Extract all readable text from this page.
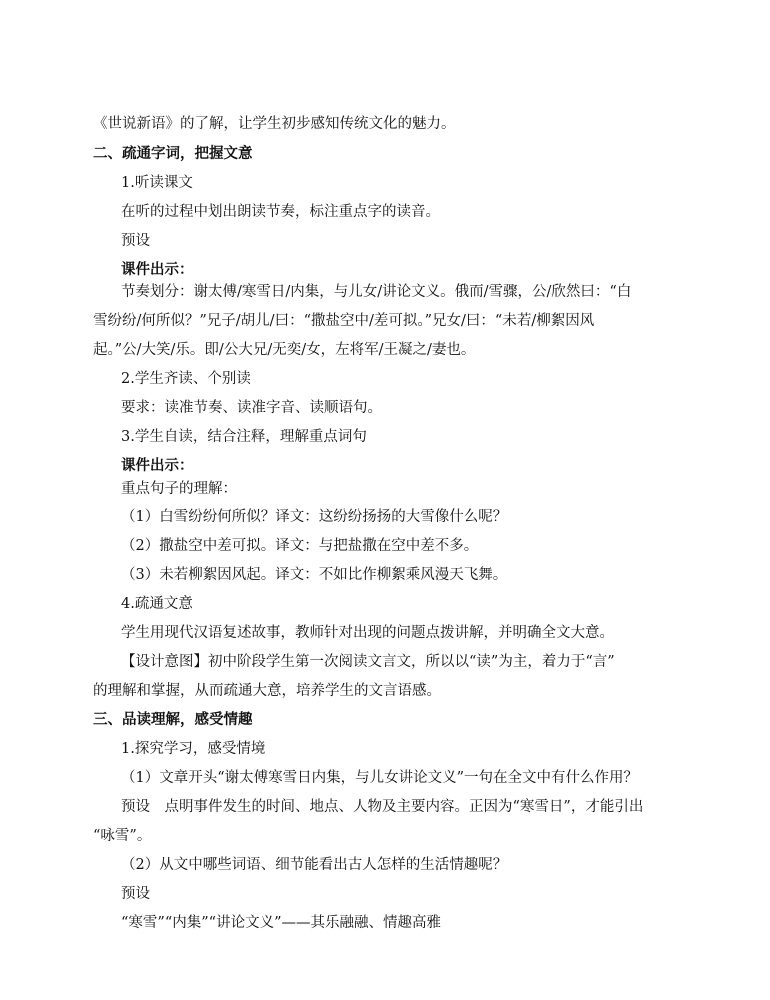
《世说新语》的了解，让学生初步感知传统文化的魅力。
二、疏通字词，把握文意
1.听读课文
在听的过程中划出朗读节奏，标注重点字的读音。
预设
课件出示：
节奏划分：谢太傅/寒雪日/内集，与儿女/讲论文义。俄而/雪骤，公/欣然曰：“白
雪纷纷/何所似？”兄子/胡儿/曰：“撒盐空中/差可拟。”兄女/曰：“未若/柳絮因风
起。”公/大笑/乐。即/公大兄/无奕/女，左将军/王凝之/妻也。
2.学生齐读、个别读
要求：读准节奏、读准字音、读顺语句。
3.学生自读，结合注释，理解重点词句
课件出示：
重点句子的理解：
（1）白雪纷纷何所似？译文：这纷纷扬扬的大雪像什么呢？
（2）撒盐空中差可拟。译文：与把盐撒在空中差不多。
（3）未若柳絮因风起。译文：不如比作柳絮乘风漫天飞舞。
4.疏通文意
学生用现代汉语复述故事，教师针对出现的问题点拨讲解，并明确全文大意。
【设计意图】初中阶段学生第一次阅读文言文，所以以“读”为主，着力于“言”
的理解和掌握，从而疏通大意，培养学生的文言语感。
三、品读理解，感受情趣
1.探究学习，感受情境
（1）文章开头“谢太傅寒雪日内集，与儿女讲论文义”一句在全文中有什么作用？
预设　点明事件发生的时间、地点、人物及主要内容。正因为“寒雪日”，才能引出
“咏雪”。
（2）从文中哪些词语、细节能看出古人怎样的生活情趣呢？
预设
“寒雪”“内集”“讲论文义”——其乐融融、情趣高雅
